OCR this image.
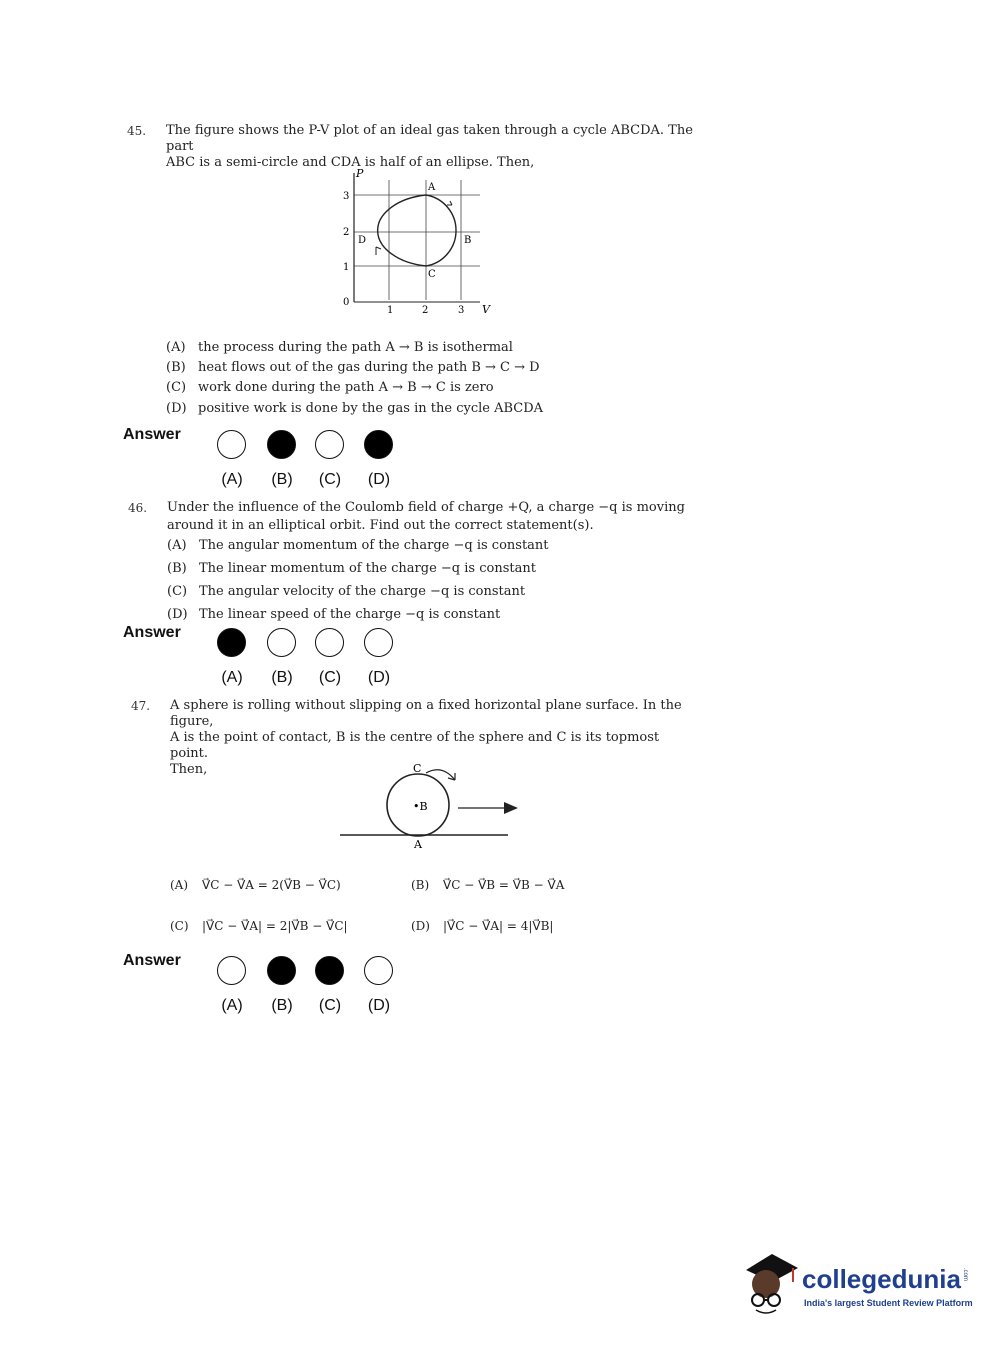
45. The figure shows the P-V plot of an ideal gas taken through a cycle ABCDA. The part
ABC is a semi-circle and CDA is half of an ellipse. Then,
P
V
3
2
1
0
1	2	3
A
B
C
D
(A) the process during the path A → B is isothermal
(B) heat flows out of the gas during the path B → C → D
(C) work done during the path A → B → C is zero
(D) positive work is done by the gas in the cycle ABCDA
Answer
(A)	(B)	(C)	(D)
46. Under the influence of the Coulomb field of charge +Q, a charge −q is moving
around it in an elliptical orbit. Find out the correct statement(s).
(A) The angular momentum of the charge −q is constant
(B) The linear momentum of the charge −q is constant
(C) The angular velocity of the charge −q is constant
(D) The linear speed of the charge −q is constant
Answer
(A)	(B)	(C)	(D)
47. A sphere is rolling without slipping on a fixed horizontal plane surface. In the figure,
A is the point of contact, B is the centre of the sphere and C is its topmost point.
Then,	C
•B
A
(A) V⃗C − V⃗A = 2(V⃗B − V⃗C)	(B) V⃗C − V⃗B = V⃗B − V⃗A
(C) |V⃗C − V⃗A| = 2|V⃗B − V⃗C|	(D) |V⃗C − V⃗A| = 4|V⃗B|
Answer
(A)	(B)	(C)	(D)
collegedunia .com
India's largest Student Review Platform
